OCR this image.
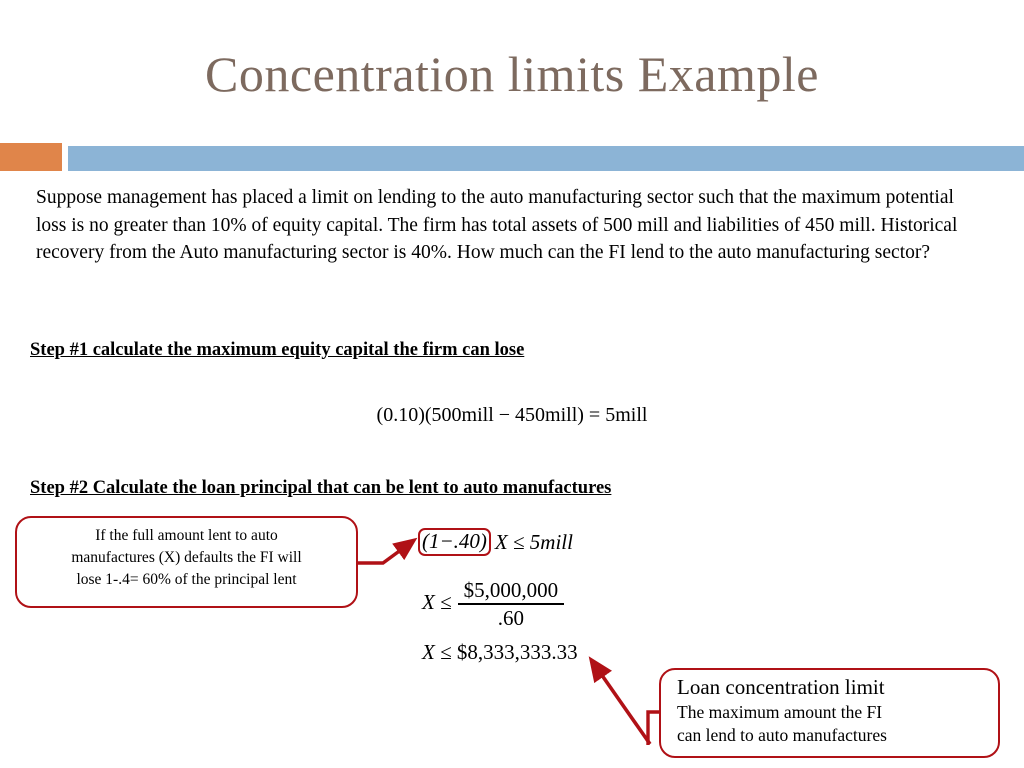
Concentration limits Example
Suppose management has placed a limit on lending to the auto manufacturing sector such that the maximum potential loss is no greater than 10% of equity capital. The firm has total assets of 500 mill and liabilities of 450 mill. Historical recovery from the Auto manufacturing sector is 40%. How much can the FI lend to the auto manufacturing sector?
Step #1 calculate the maximum equity capital the firm can lose
(0.10)(500mill − 450mill) = 5mill
Step #2 Calculate the loan principal that can be lent to auto manufactures
(1−.40) X ≤ 5mill
$X \le \frac{\$5,000,000}{.60}$
X ≤ $8,333,333.33
If the full amount lent to auto
manufactures (X) defaults the FI will
lose 1-.4= 60% of the principal lent
Loan concentration limit
The maximum amount the FI
can lend to auto manufactures
